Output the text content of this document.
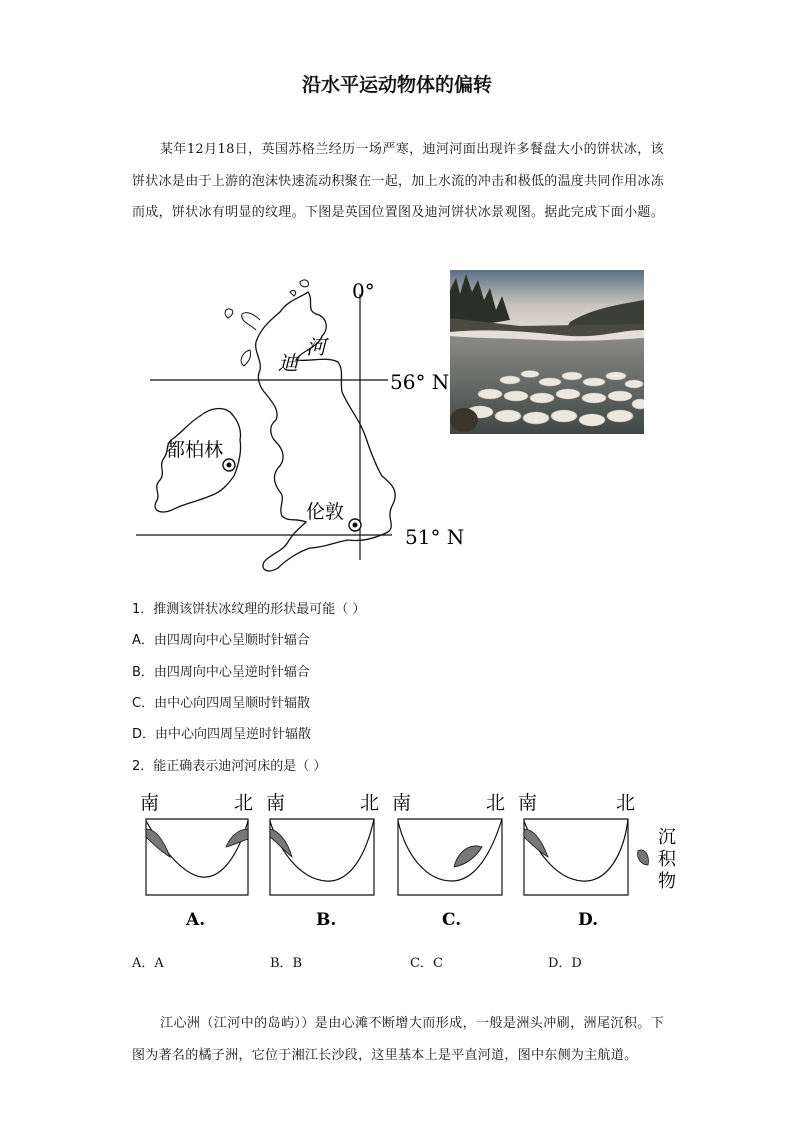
沿水平运动物体的偏转
某年12月18日，英国苏格兰经历一场严寒，迪河河面出现许多餐盘大小的饼状冰，该饼状冰是由于上游的泡沫快速流动积聚在一起，加上水流的冲击和极低的温度共同作用冰冻而成，饼状冰有明显的纹理。下图是英国位置图及迪河饼状冰景观图。据此完成下面小题。
0°
56° N
51° N
迪
河
都柏林
伦敦
1．推测该饼状冰纹理的形状最可能（ ）
A．由四周向中心呈顺时针辐合
B．由四周向中心呈逆时针辐合
C．由中心向四周呈顺时针辐散
D．由中心向四周呈逆时针辐散
2．能正确表示迪河河床的是（ ）
南	北
A.
南	北
B.
南	北
C.
南	北
D.
沉
积
物
A．A	B．B	C．C	D．D
江心洲（江河中的岛屿））是由心滩不断增大而形成，一般是洲头冲刷，洲尾沉积。下图为著名的橘子洲，它位于湘江长沙段，这里基本上是平直河道，图中东侧为主航道。
